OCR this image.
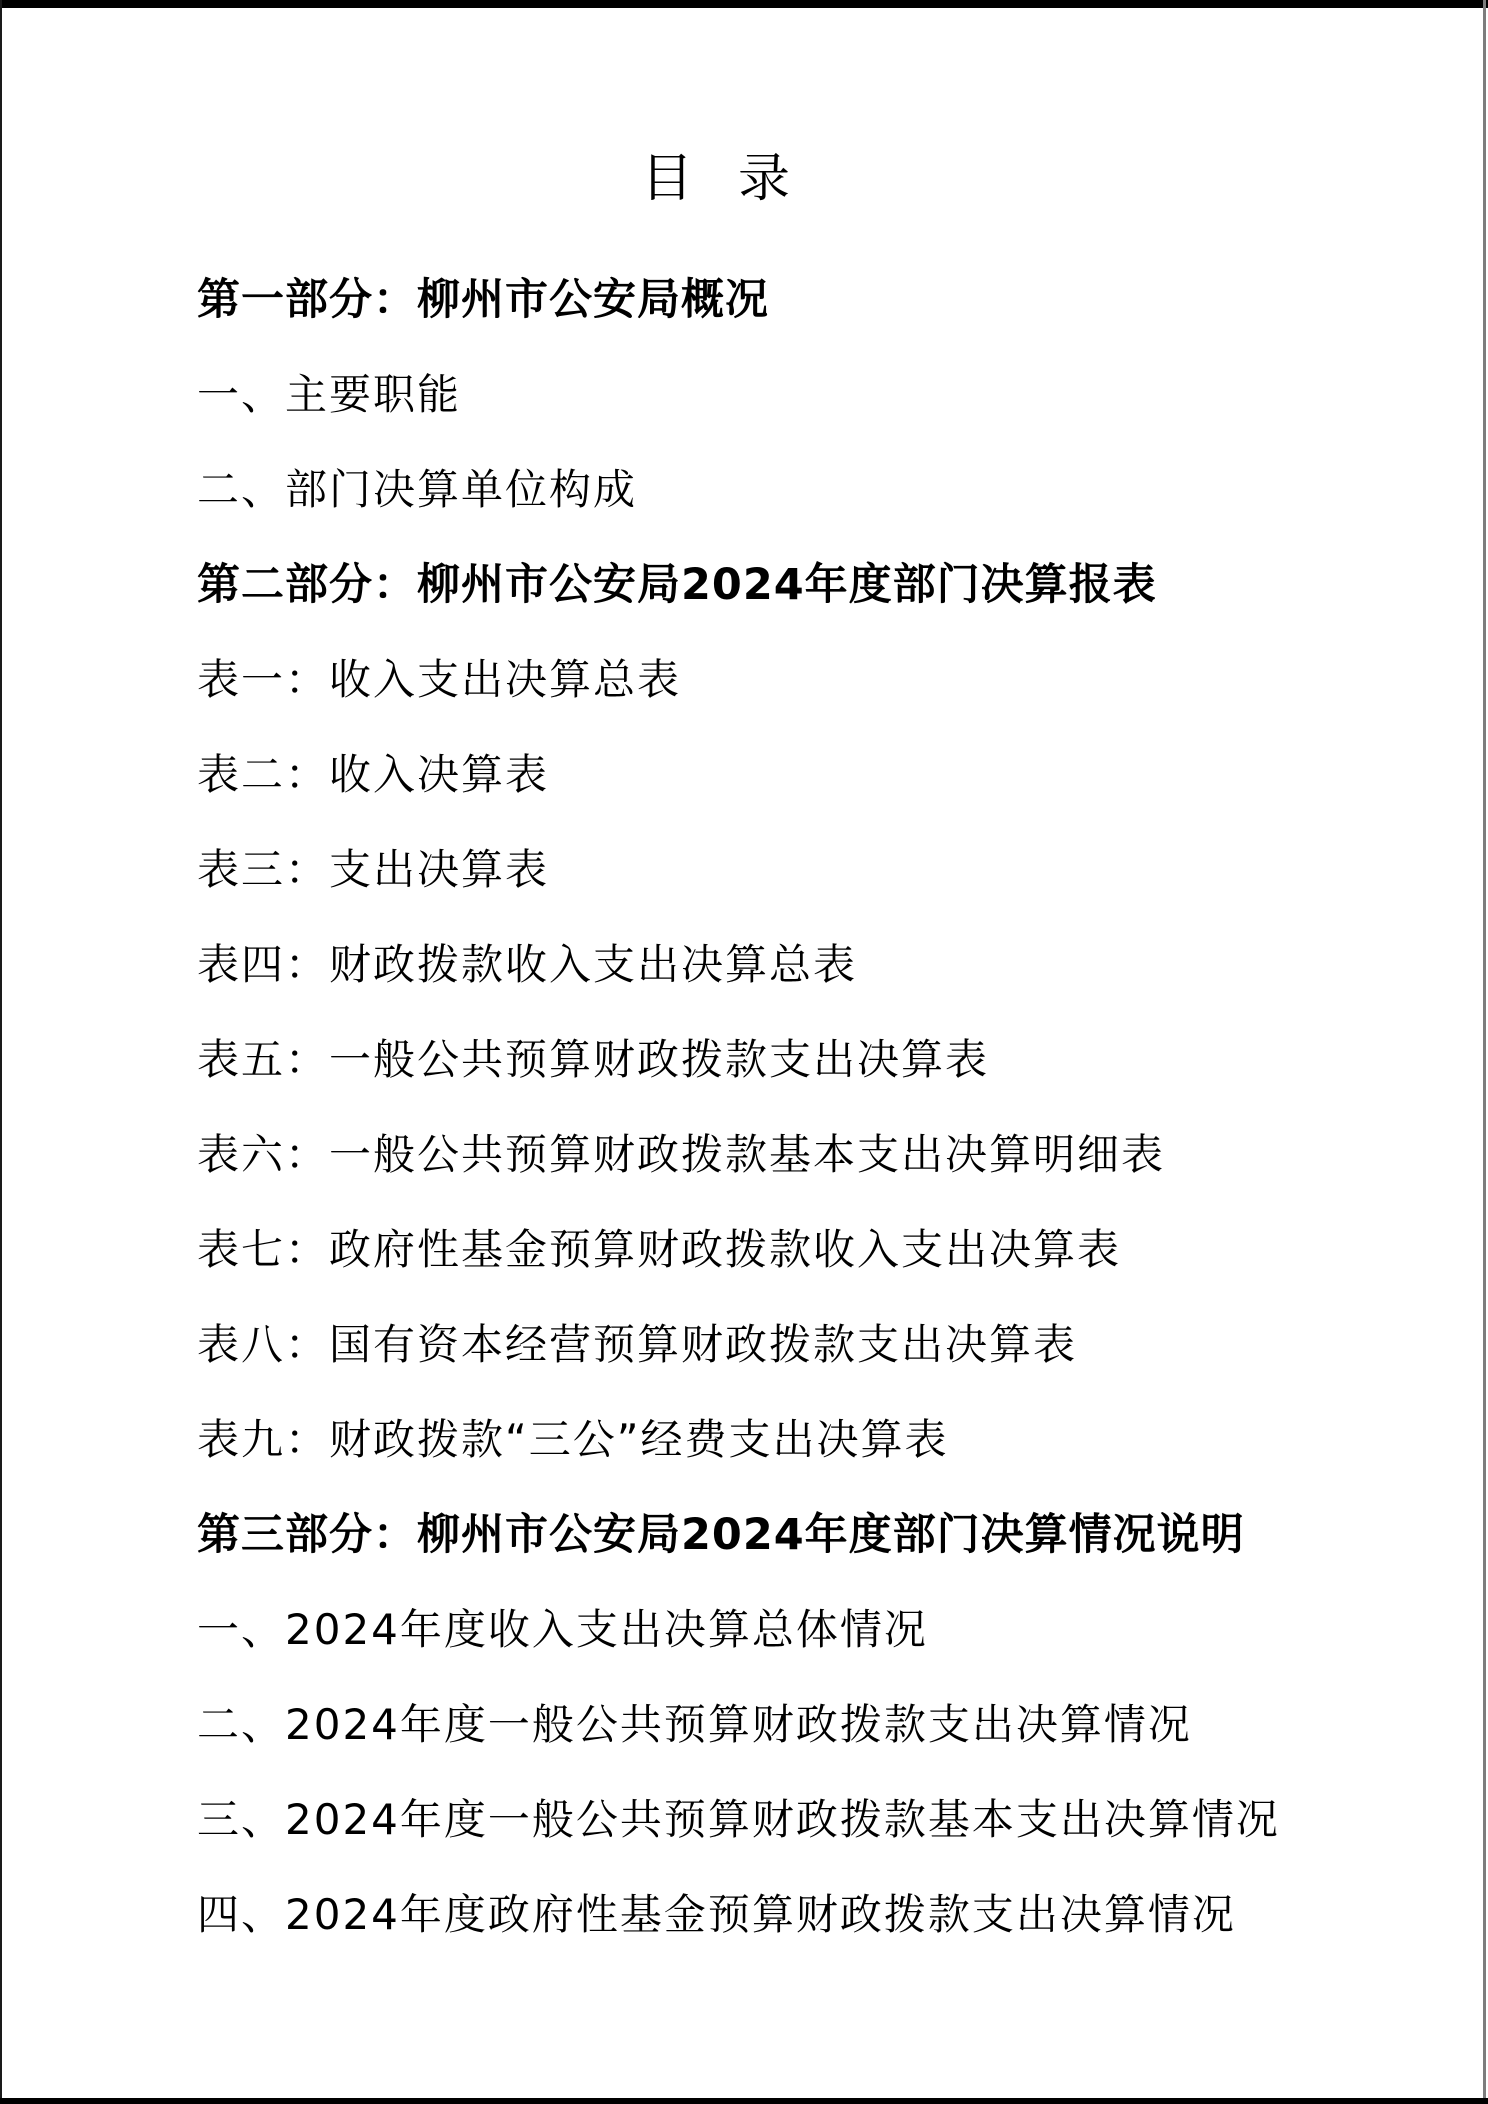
目  录

第一部分：柳州市公安局概况

一、主要职能

二、部门决算单位构成

第二部分：柳州市公安局2024年度部门决算报表

表一：收入支出决算总表

表二：收入决算表

表三：支出决算表

表四：财政拨款收入支出决算总表

表五：一般公共预算财政拨款支出决算表

表六：一般公共预算财政拨款基本支出决算明细表

表七：政府性基金预算财政拨款收入支出决算表

表八：国有资本经营预算财政拨款支出决算表

表九：财政拨款“三公”经费支出决算表

第三部分：柳州市公安局2024年度部门决算情况说明

一、2024年度收入支出决算总体情况

二、2024年度一般公共预算财政拨款支出决算情况

三、2024年度一般公共预算财政拨款基本支出决算情况

四、2024年度政府性基金预算财政拨款支出决算情况
